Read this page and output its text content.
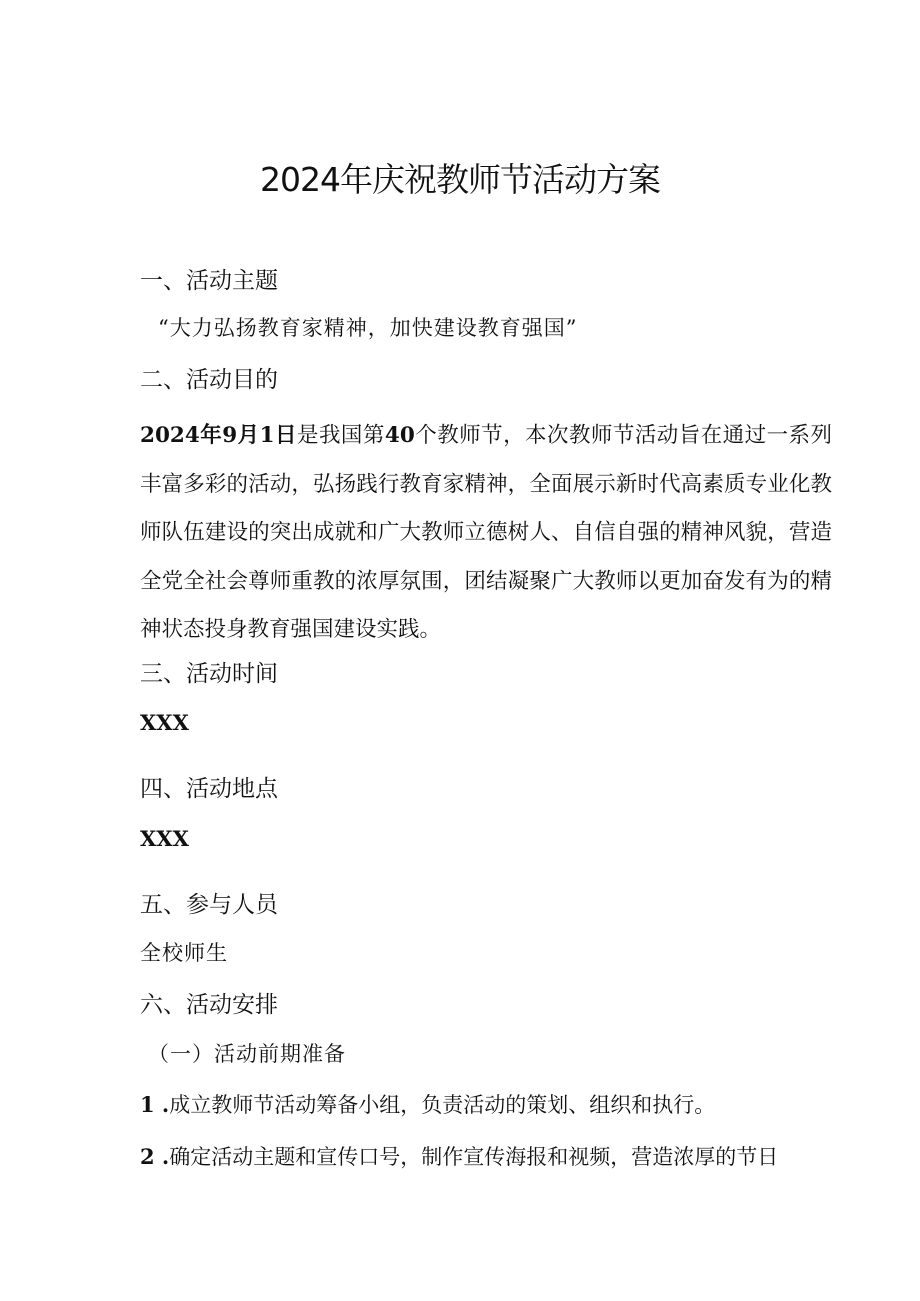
2024年庆祝教师节活动方案
一、活动主题

“大力弘扬教育家精神，加快建设教育强国”

二、活动目的

2024年9月1日是我国第40个教师节，本次教师节活动旨在通过一系列丰富多彩的活动，弘扬践行教育家精神，全面展示新时代高素质专业化教师队伍建设的突出成就和广大教师立德树人、自信自强的精神风貌，营造全党全社会尊师重教的浓厚氛围，团结凝聚广大教师以更加奋发有为的精神状态投身教育强国建设实践。

三、活动时间

XXX

四、活动地点

XXX

五、参与人员

全校师生

六、活动安排

（一）活动前期准备

1 .成立教师节活动筹备小组，负责活动的策划、组织和执行。

2 .确定活动主题和宣传口号，制作宣传海报和视频，营造浓厚的节日
